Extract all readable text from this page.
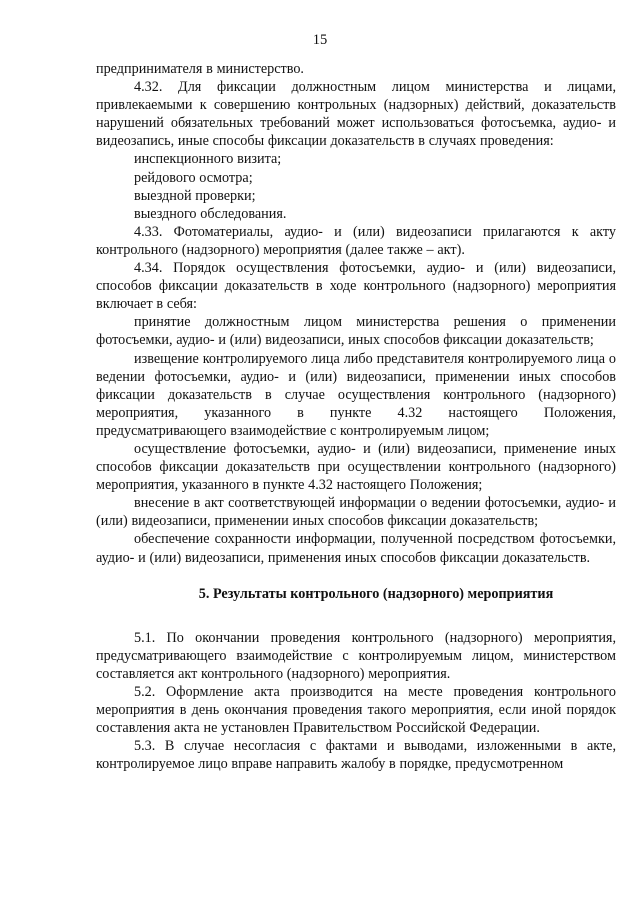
15

предпринимателя в министерство.

4.32. Для фиксации должностным лицом министерства и лицами, привлекаемыми к совершению контрольных (надзорных) действий, доказательств нарушений обязательных требований может использоваться фотосъемка, аудио- и видеозапись, иные способы фиксации доказательств в случаях проведения:

инспекционного визита;

рейдового осмотра;

выездной проверки;

выездного обследования.

4.33. Фотоматериалы, аудио- и (или) видеозаписи прилагаются к акту контрольного (надзорного) мероприятия (далее также – акт).

4.34. Порядок осуществления фотосъемки, аудио- и (или) видеозаписи, способов фиксации доказательств в ходе контрольного (надзорного) мероприятия включает в себя:

принятие должностным лицом министерства решения о применении фотосъемки, аудио- и (или) видеозаписи, иных способов фиксации доказательств;

извещение контролируемого лица либо представителя контролируемого лица о ведении фотосъемки, аудио- и (или) видеозаписи, применении иных способов фиксации доказательств в случае осуществления контрольного (надзорного) мероприятия, указанного в пункте 4.32 настоящего Положения, предусматривающего взаимодействие с контролируемым лицом;

осуществление фотосъемки, аудио- и (или) видеозаписи, применение иных способов фиксации доказательств при осуществлении контрольного (надзорного) мероприятия, указанного в пункте 4.32 настоящего Положения;

внесение в акт соответствующей информации о ведении фотосъемки, аудио- и (или) видеозаписи, применении иных способов фиксации доказательств;

обеспечение сохранности информации, полученной посредством фотосъемки, аудио- и (или) видеозаписи, применения иных способов фиксации доказательств.

5. Результаты контрольного (надзорного) мероприятия

5.1. По окончании проведения контрольного (надзорного) мероприятия, предусматривающего взаимодействие с контролируемым лицом, министерством составляется акт контрольного (надзорного) мероприятия.

5.2. Оформление акта производится на месте проведения контрольного мероприятия в день окончания проведения такого мероприятия, если иной порядок составления акта не установлен Правительством Российской Федерации.

5.3. В случае несогласия с фактами и выводами, изложенными в акте, контролируемое лицо вправе направить жалобу в порядке, предусмотренном
